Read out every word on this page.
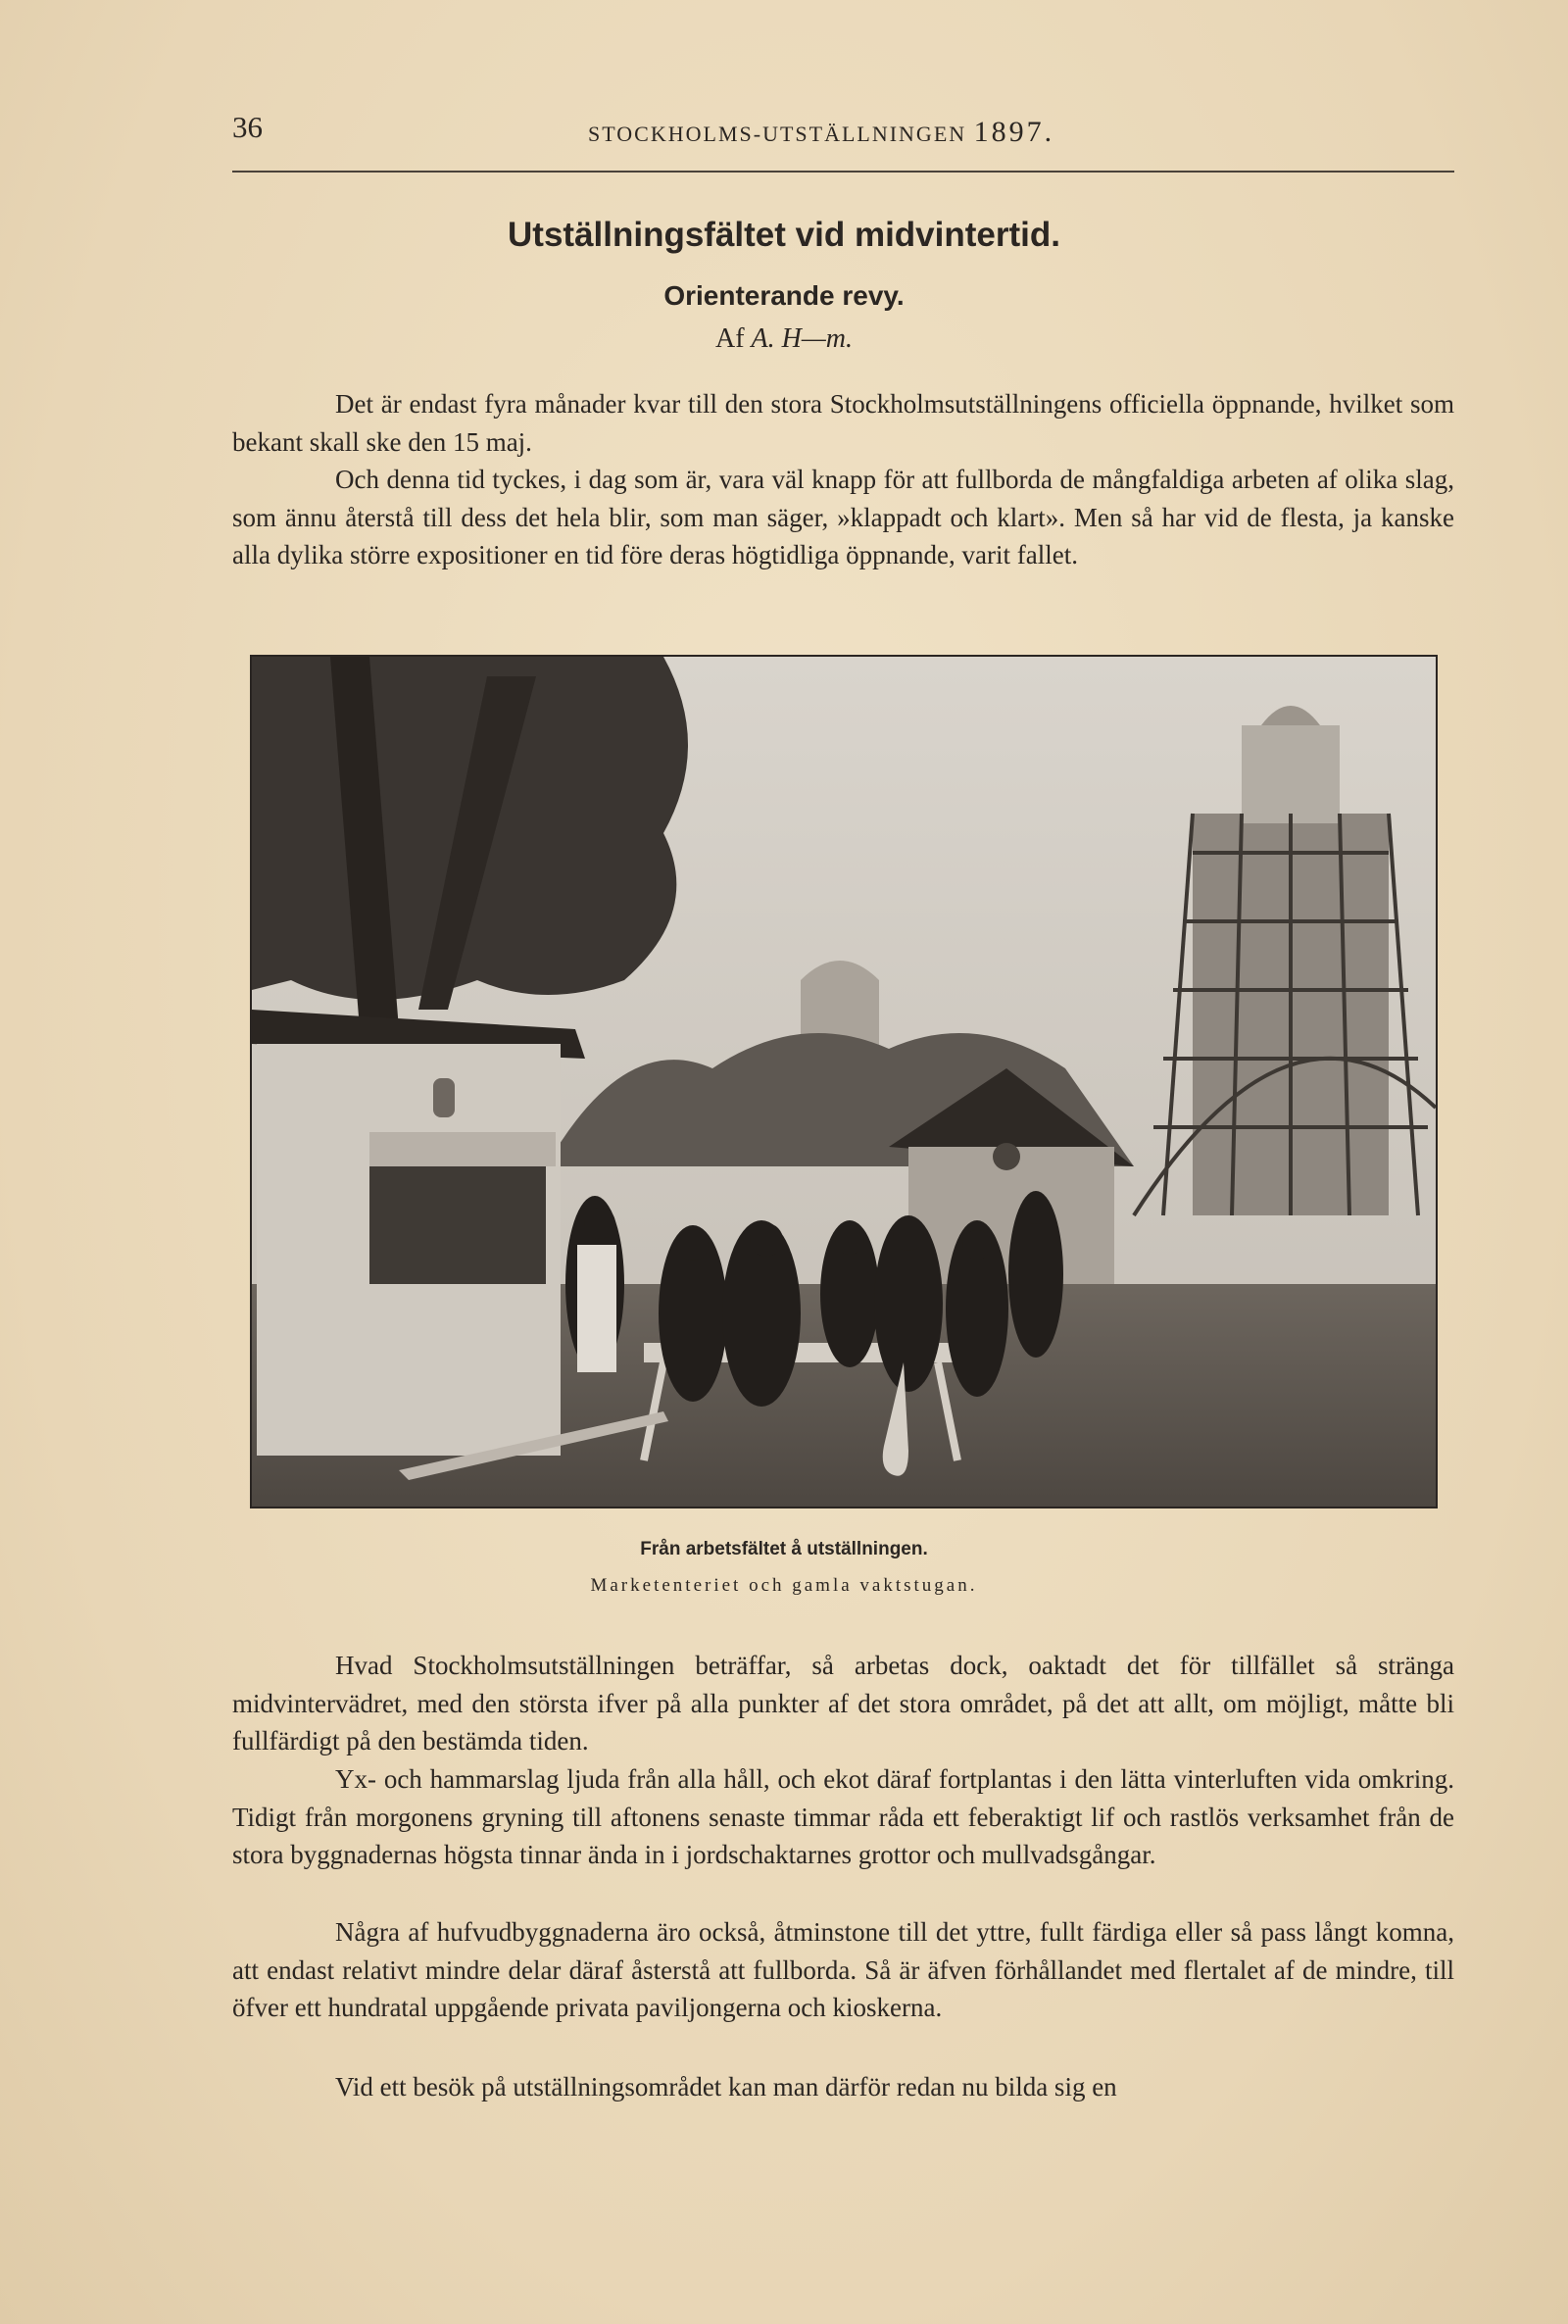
36	STOCKHOLMS-UTSTÄLLNINGEN 1897.
Utställningsfältet vid midvintertid.
Orienterande revy.
Af A. H—m.

Det är endast fyra månader kvar till den stora Stockholmsutställningens officiella öppnande, hvilket som bekant skall ske den 15 maj.

Och denna tid tyckes, i dag som är, vara väl knapp för att fullborda de mångfaldiga arbeten af olika slag, som ännu återstå till dess det hela blir, som man säger, »klappadt och klart». Men så har vid de flesta, ja kanske alla dylika större expositioner en tid före deras högtidliga öppnande, varit fallet.

Från arbetsfältet å utställningen.
Marketenteriet och gamla vaktstugan.

Hvad Stockholmsutställningen beträffar, så arbetas dock, oaktadt det för tillfället så stränga midvintervädret, med den största ifver på alla punkter af det stora området, på det att allt, om möjligt, måtte bli fullfärdigt på den bestämda tiden.

Yx- och hammarslag ljuda från alla håll, och ekot däraf fortplantas i den lätta vinterluften vida omkring. Tidigt från morgonens gryning till aftonens senaste timmar råda ett feberaktigt lif och rastlös verksamhet från de stora byggnadernas högsta tinnar ända in i jordschaktarnes grottor och mullvadsgångar.

Några af hufvudbyggnaderna äro också, åtminstone till det yttre, fullt färdiga eller så pass långt komna, att endast relativt mindre delar däraf åsterstå att fullborda. Så är äfven förhållandet med flertalet af de mindre, till öfver ett hundratal uppgående privata paviljongerna och kioskerna.

Vid ett besök på utställningsområdet kan man därför redan nu bilda sig en
